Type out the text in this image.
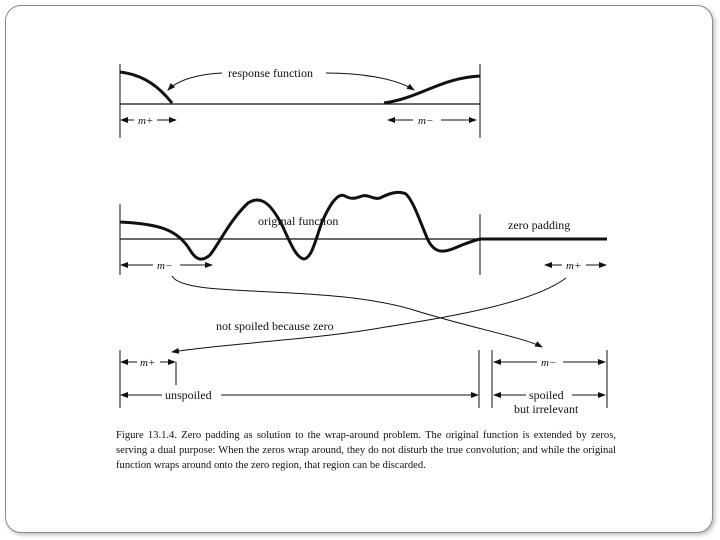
response function
m+	m−
original function	zero padding
m−	m+
not spoiled because zero
m+	m−
unspoiled	spoiled
but irrelevant
Figure 13.1.4. Zero padding as solution to the wrap-around problem. The original function is extended by zeros, serving a dual purpose: When the zeros wrap around, they do not disturb the true convolution; and while the original function wraps around onto the zero region, that region can be discarded.
